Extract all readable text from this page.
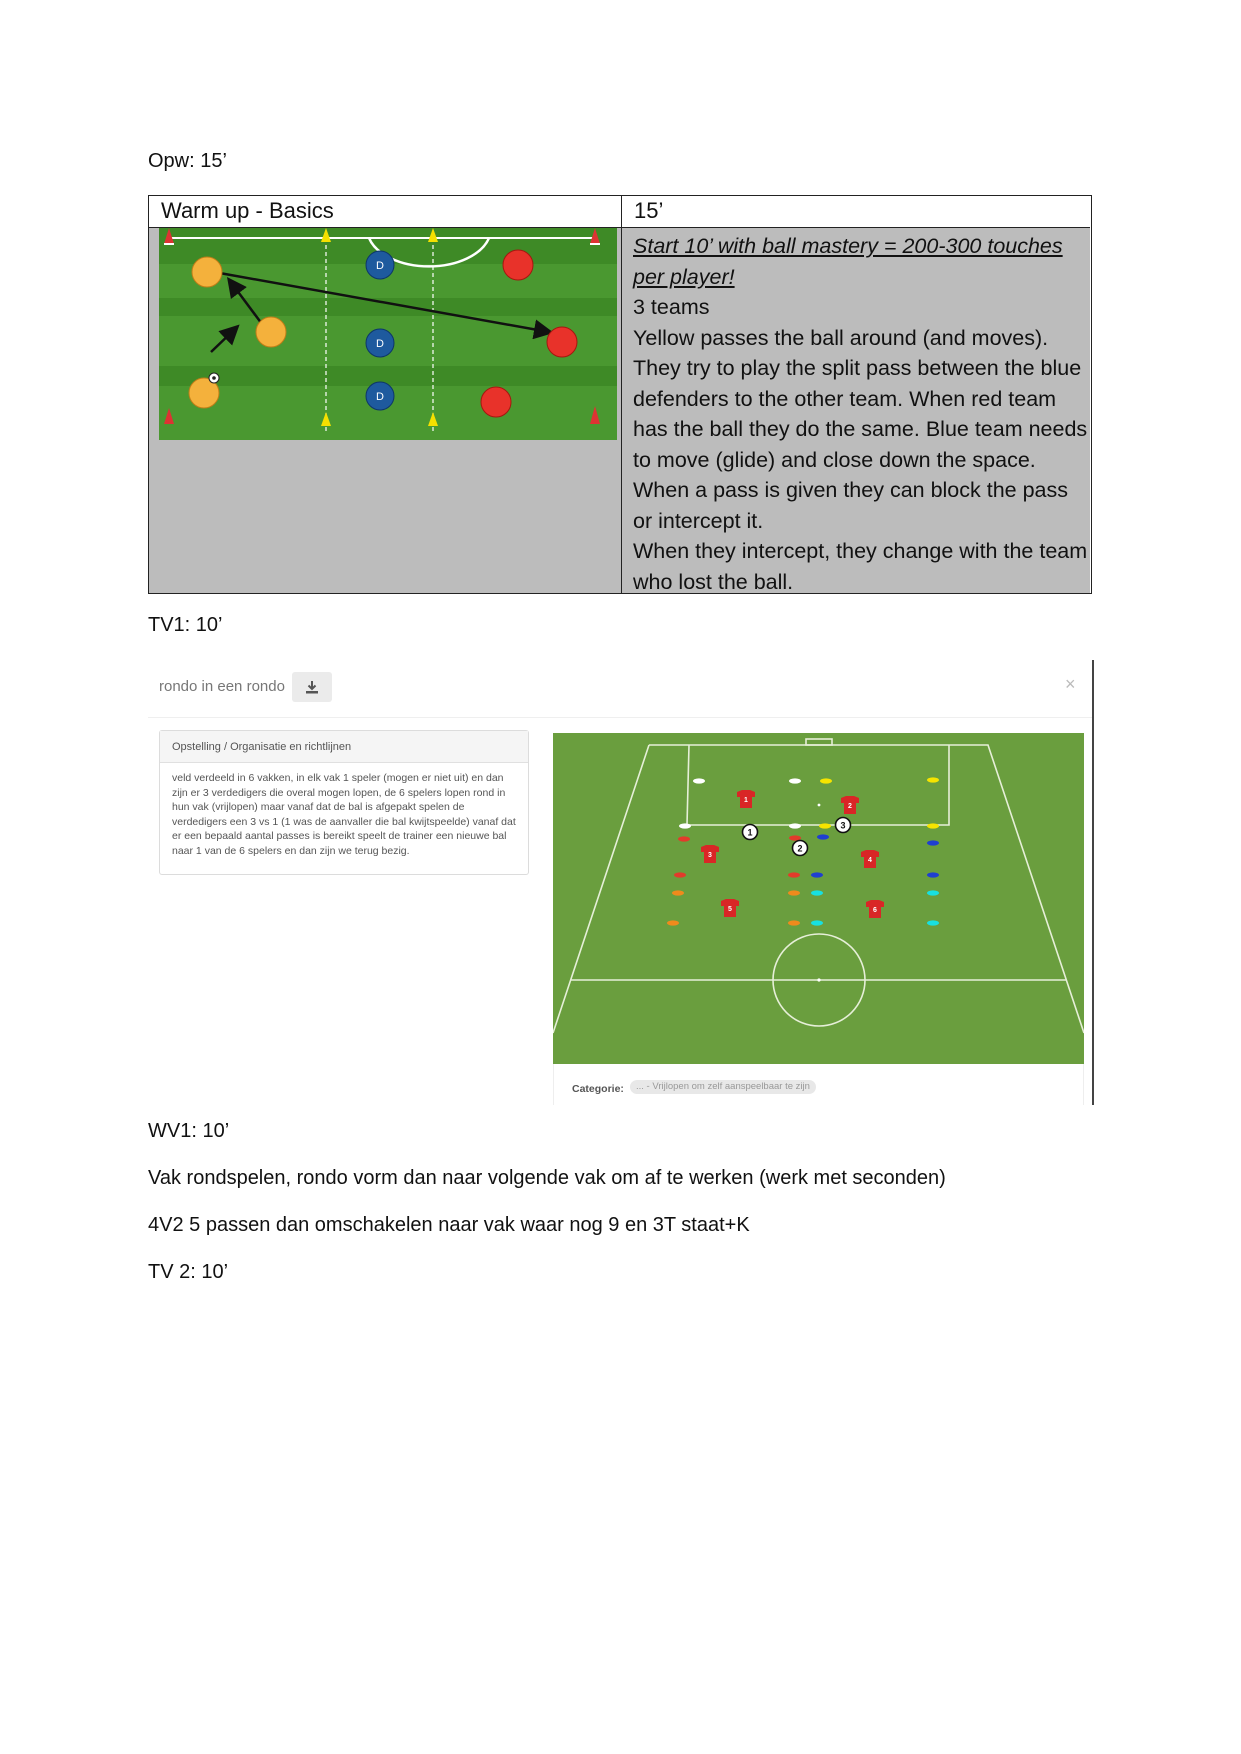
Opw: 15’
Warm up - Basics	15’
D
D
D
Start 10’ with ball mastery = 200-300 touches per player!
3 teams
Yellow passes the ball around (and moves). They try to play the split pass between the blue defenders to the other team. When red team has the ball they do the same. Blue team needs to move (glide) and close down the space. When a pass is given they can block the pass or intercept it.
When they intercept, they change with the team who lost the ball.
TV1: 10’
rondo in een rondo	×
Opstelling / Organisatie en richtlijnen
veld verdeeld in 6 vakken, in elk vak 1 speler (mogen er niet uit) en dan zijn er 3 verdedigers die overal mogen lopen, de 6 spelers lopen rond in hun vak (vrijlopen) maar vanaf dat de bal is afgepakt spelen de verdedigers een 3 vs 1 (1 was de aanvaller die bal kwijtspeelde) vanaf dat er een bepaald aantal passes is bereikt speelt de trainer een nieuwe bal naar 1 van de 6 spelers en dan zijn we terug bezig.
1
2
3
4
5	6
1
2
3
Categorie:	... - Vrijlopen om zelf aanspeelbaar te zijn
WV1: 10’
Vak rondspelen, rondo vorm dan naar volgende vak om af te werken (werk met seconden)
4V2 5 passen dan omschakelen naar vak waar nog 9 en 3T staat+K
TV 2: 10’
